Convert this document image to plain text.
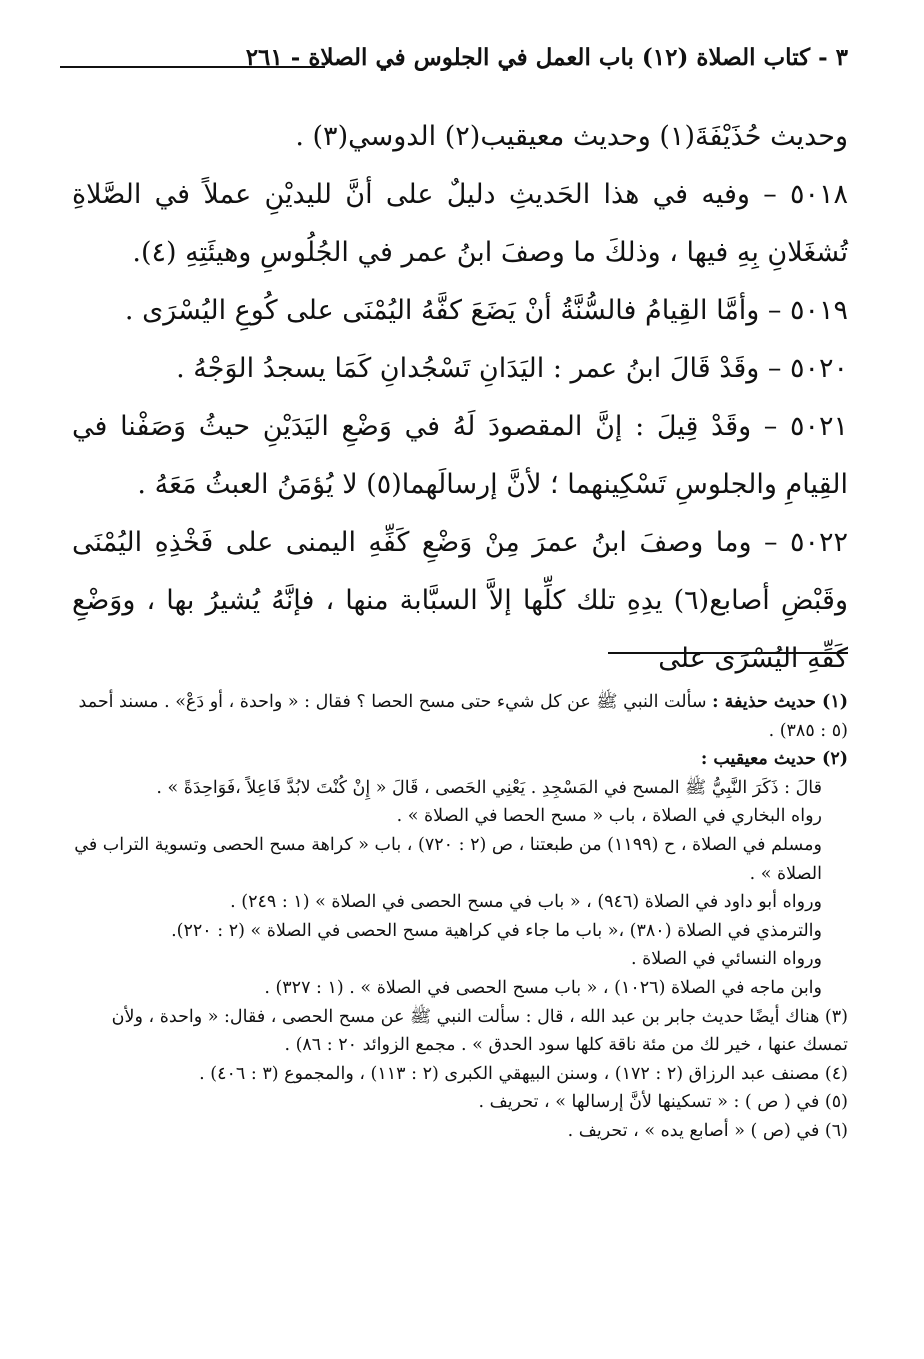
٣ - كتاب الصلاة (١٢) باب العمل في الجلوس في الصلاة - ٢٦١

وحديث حُذَيْفَةَ(١) وحديث معيقيب(٢) الدوسي(٣) .

٥٠١٨ – وفيه في هذا الحَديثِ دليلٌ على أنَّ لليديْنِ عملاً في الصَّلاةِ تُشغَلانِ بِهِ فيها ، وذلكَ ما وصفَ ابنُ عمر في الجُلُوسِ وهيئَتِهِ (٤).

٥٠١٩ – وأمَّا القِيامُ فالسُّنَّةُ أنْ يَضَعَ كفَّهُ اليُمْنَى على كُوعِ اليُسْرَى .

٥٠٢٠ – وقَدْ قَالَ ابنُ عمر : اليَدَانِ تَسْجُدانِ كَمَا يسجدُ الوَجْهُ .

٥٠٢١ – وقَدْ قِيلَ : إنَّ المقصودَ لَهُ في وَضْعِ اليَدَيْنِ حيثُ وَصَفْنا في القِيامِ والجلوسِ تَسْكِينهما ؛ لأنَّ إرسالَهما(٥) لا يُؤمَنُ العبثُ مَعَهُ .

٥٠٢٢ – وما وصفَ ابنُ عمرَ مِنْ وَضْعِ كَفِّهِ اليمنى على فَخْذِهِ اليُمْنَى وقَبْضِ أصابع(٦) يدِهِ تلك كلِّها إلاَّ السبَّابة منها ، فإنَّهُ يُشيرُ بها ، ووَضْعِ كَفِّهِ اليُسْرَى على

(١) حديث حذيفة : سألت النبي ﷺ عن كل شيء حتى مسح الحصا ؟ فقال : « واحدة ، أو دَعْ» . مسند أحمد (٥ : ٣٨٥) .

(٢) حديث معيقيب :

قالَ : ذَكَرَ النَّبِيُّ ﷺ المسح في المَسْجِدِ . يَعْنِي الحَصى ، قَالَ « إِنْ كُنْتَ لابُدَّ فَاعِلاً ،فَوَاحِدَةً » .

رواه البخاري في الصلاة ، باب « مسح الحصا في الصلاة » .

ومسلم في الصلاة ، ح (١١٩٩) من طبعتنا ، ص (٢ : ٧٢٠) ، باب « كراهة مسح الحصى وتسوية التراب في الصلاة » .

ورواه أبو داود في الصلاة (٩٤٦) ، « باب في مسح الحصى في الصلاة » (١ : ٢٤٩) .

والترمذي في الصلاة (٣٨٠) ،« باب ما جاء في كراهية مسح الحصى في الصلاة » (٢ : ٢٢٠).

ورواه النسائي في الصلاة .

وابن ماجه في الصلاة (١٠٢٦) ، « باب مسح الحصى في الصلاة » . (١ : ٣٢٧) .

(٣) هناك أيضًا حديث جابر بن عبد الله ، قال : سألت النبي ﷺ عن مسح الحصى ، فقال: « واحدة ، ولأن تمسك عنها ، خير لك من مئة ناقة كلها سود الحدق » . مجمع الزوائد ٢٠ : ٨٦) .

(٤) مصنف عبد الرزاق (٢ : ١٧٢) ، وسنن البيهقي الكبرى (٢ : ١١٣) ، والمجموع (٣ : ٤٠٦) .

(٥) في ( ص ) : « تسكينها لأنَّ إرسالها » ، تحريف .

(٦) في (ص ) « أصابع يده » ، تحريف .
